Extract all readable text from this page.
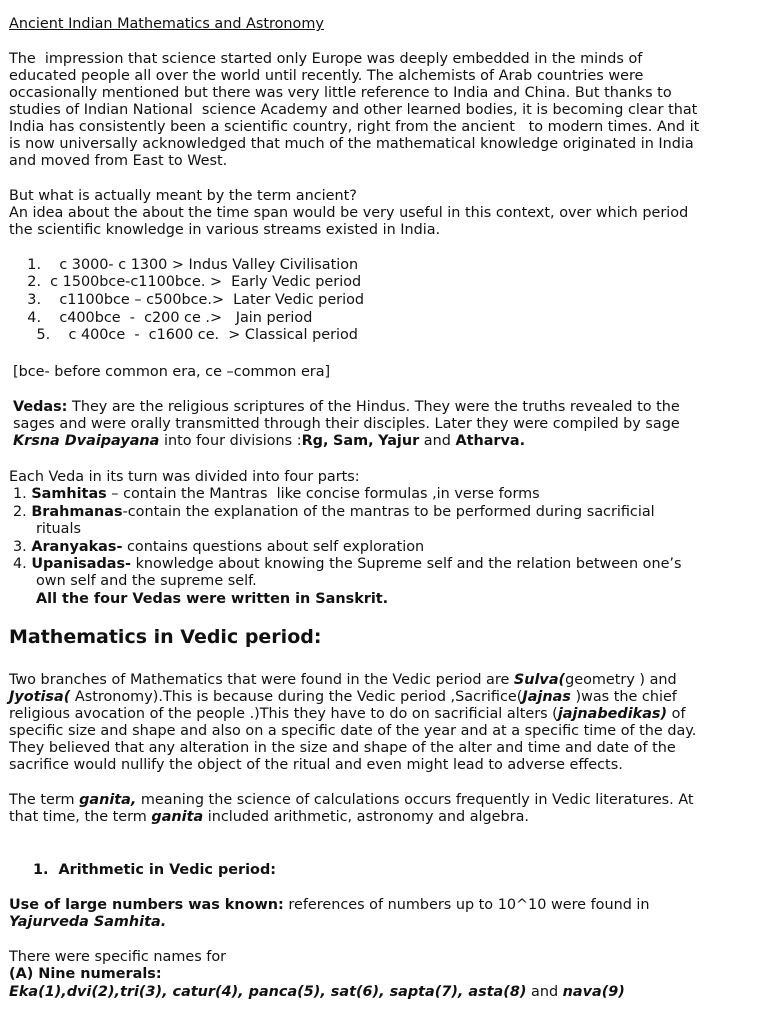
Ancient Indian Mathematics and Astronomy
The  impression that science started only Europe was deeply embedded in the minds of
educated people all over the world until recently. The alchemists of Arab countries were
occasionally mentioned but there was very little reference to India and China. But thanks to
studies of Indian National  science Academy and other learned bodies, it is becoming clear that
India has consistently been a scientific country, right from the ancient   to modern times. And it
is now universally acknowledged that much of the mathematical knowledge originated in India
and moved from East to West.
But what is actually meant by the term ancient?
An idea about the about the time span would be very useful in this context, over which period
the scientific knowledge in various streams existed in India.
1.    c 3000- c 1300 > Indus Valley Civilisation
2.  c 1500bce-c1100bce. >  Early Vedic period
3.    c1100bce – c500bce.>  Later Vedic period
4.    c400bce  -  c200 ce .>   Jain period
5.    c 400ce  -  c1600 ce.  > Classical period
[bce- before common era, ce –common era]
Vedas: They are the religious scriptures of the Hindus. They were the truths revealed to the
sages and were orally transmitted through their disciples. Later they were compiled by sage
Krsna Dvaipayana into four divisions :Rg, Sam, Yajur and Atharva.
Each Veda in its turn was divided into four parts:
1. Samhitas – contain the Mantras  like concise formulas ,in verse forms
2. Brahmanas-contain the explanation of the mantras to be performed during sacrificial
rituals
3. Aranyakas- contains questions about self exploration
4. Upanisadas- knowledge about knowing the Supreme self and the relation between one’s
own self and the supreme self.
All the four Vedas were written in Sanskrit.
Mathematics in Vedic period:
Two branches of Mathematics that were found in the Vedic period are Sulva(geometry ) and
Jyotisa( Astronomy).This is because during the Vedic period ,Sacrifice(Jajnas )was the chief
religious avocation of the people .)This they have to do on sacrificial alters (jajnabedikas) of
specific size and shape and also on a specific date of the year and at a specific time of the day.
They believed that any alteration in the size and shape of the alter and time and date of the
sacrifice would nullify the object of the ritual and even might lead to adverse effects.
The term ganita, meaning the science of calculations occurs frequently in Vedic literatures. At
that time, the term ganita included arithmetic, astronomy and algebra.
1.  Arithmetic in Vedic period:
Use of large numbers was known: references of numbers up to 10^10 were found in
Yajurveda Samhita.
There were specific names for
(A) Nine numerals:
Eka(1),dvi(2),tri(3), catur(4), panca(5), sat(6), sapta(7), asta(8) and nava(9)
